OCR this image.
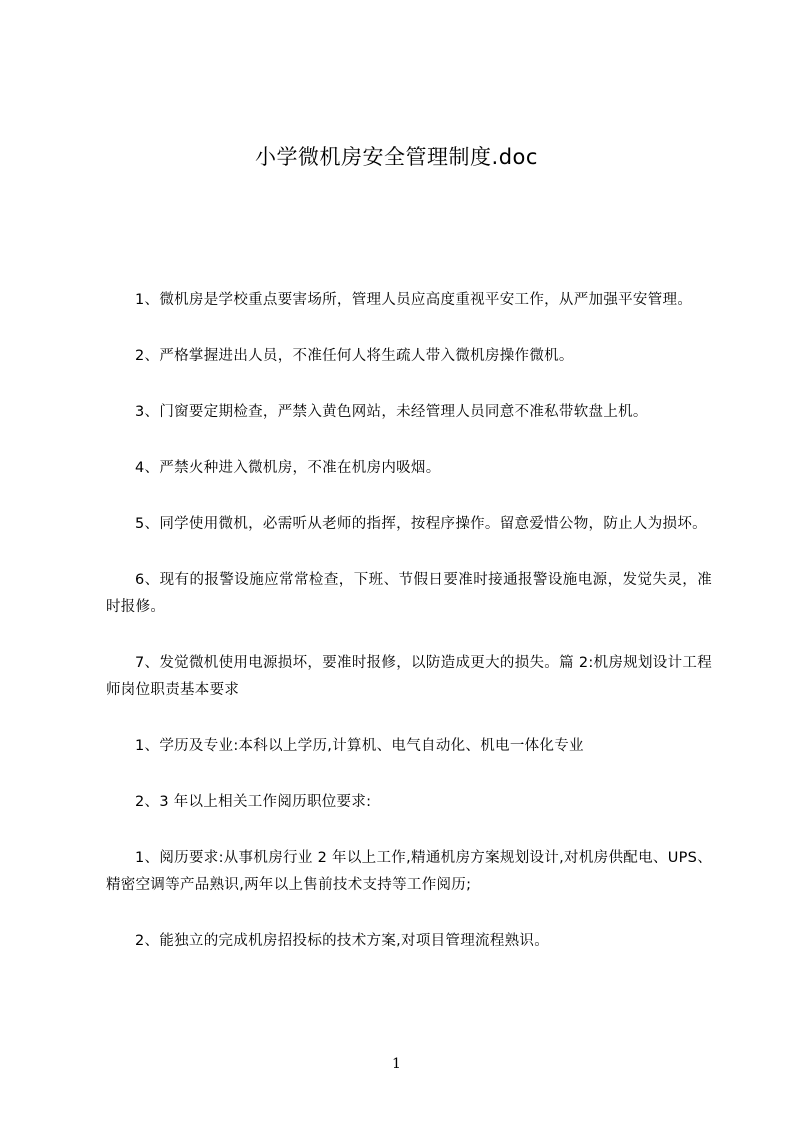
小学微机房安全管理制度.doc

1、微机房是学校重点要害场所，管理人员应高度重视平安工作，从严加强平安管理。

2、严格掌握进出人员，不准任何人将生疏人带入微机房操作微机。

3、门窗要定期检查，严禁入黄色网站，未经管理人员同意不准私带软盘上机。

4、严禁火种进入微机房，不准在机房内吸烟。

5、同学使用微机，必需听从老师的指挥，按程序操作。留意爱惜公物，防止人为损坏。

6、现有的报警设施应常常检查，下班、节假日要准时接通报警设施电源，发觉失灵，准时报修。

7、发觉微机使用电源损坏，要准时报修，以防造成更大的损失。篇 2:机房规划设计工程师岗位职责基本要求

1、学历及专业:本科以上学历,计算机、电气自动化、机电一体化专业

2、3 年以上相关工作阅历职位要求:

1、阅历要求:从事机房行业 2 年以上工作,精通机房方案规划设计,对机房供配电、UPS、精密空调等产品熟识,两年以上售前技术支持等工作阅历;

2、能独立的完成机房招投标的技术方案,对项目管理流程熟识。

1
